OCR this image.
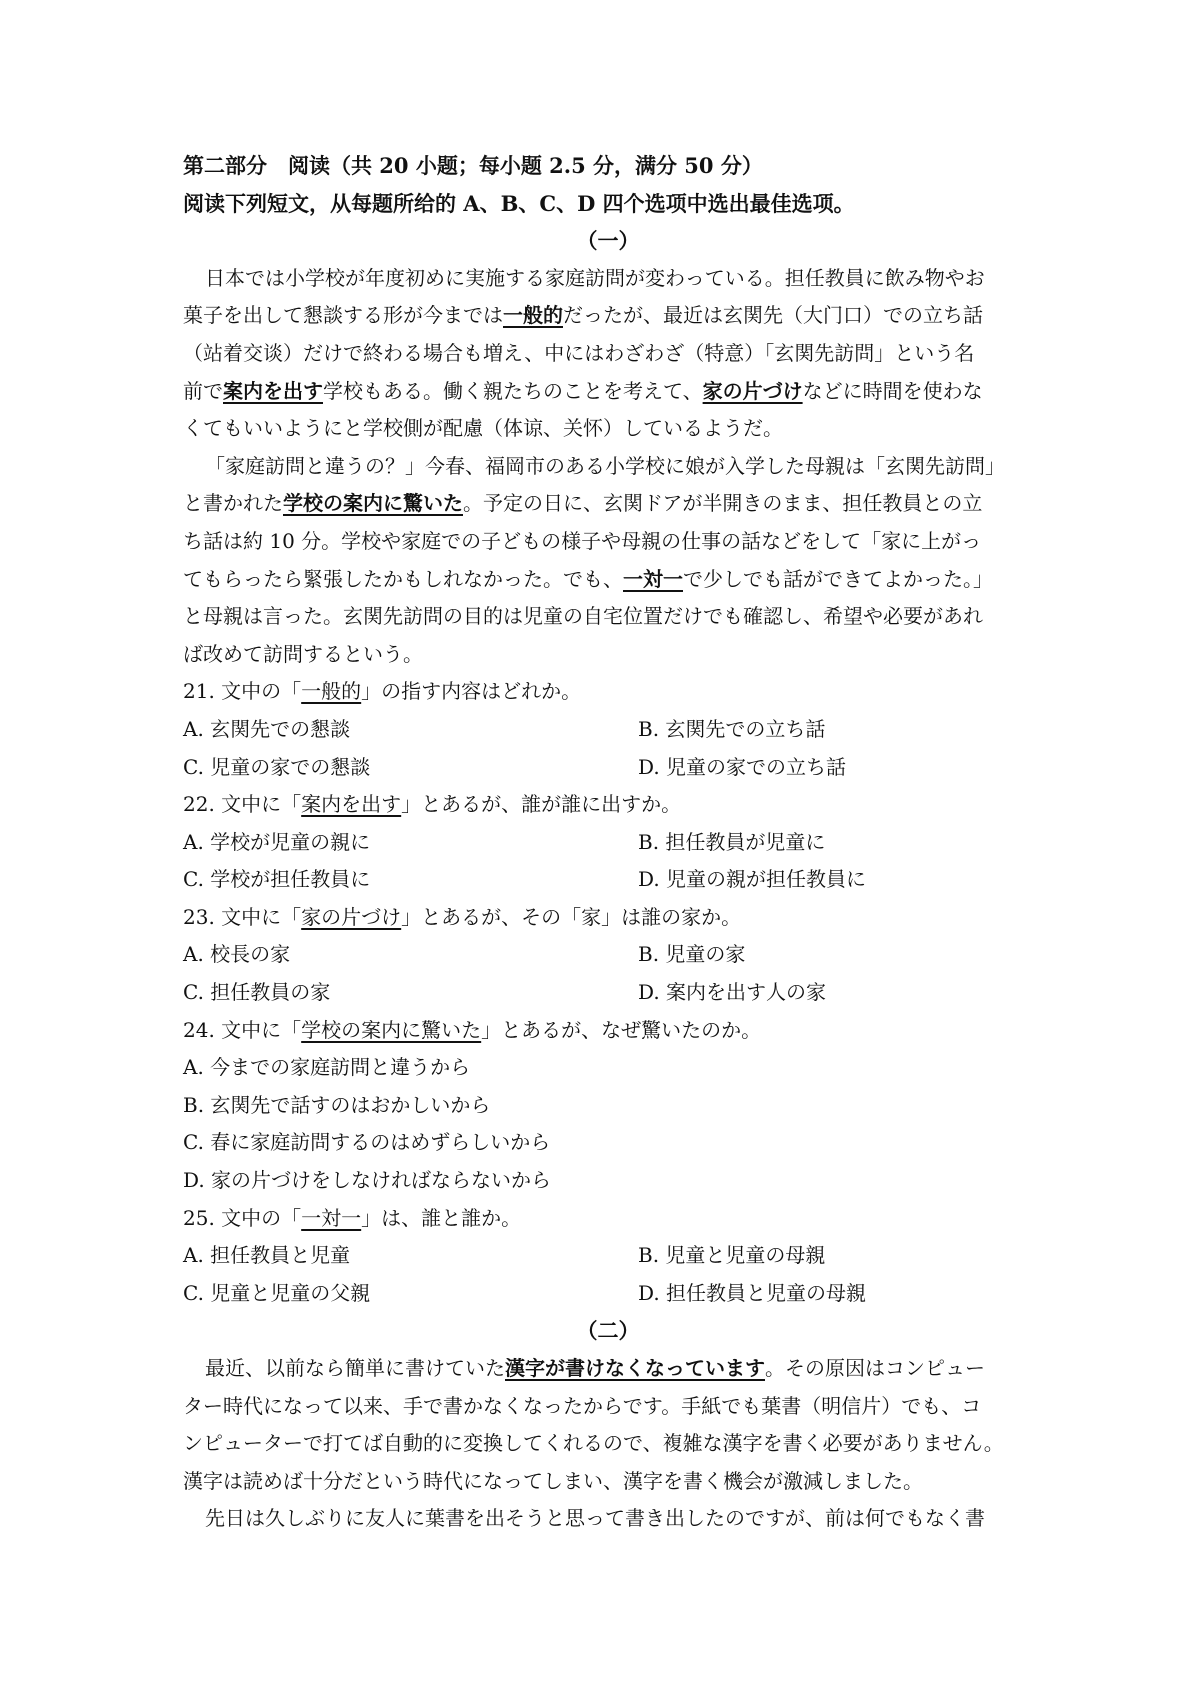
第二部分　阅读（共 20 小题；每小题 2.5 分，满分 50 分）
阅读下列短文，从每题所给的 A、B、C、D 四个选项中选出最佳选项。
（一）
日本では小学校が年度初めに実施する家庭訪問が変わっている。担任教員に飲み物やお
菓子を出して懇談する形が今までは一般的だったが、最近は玄関先（大门口）での立ち話
（站着交谈）だけで終わる場合も増え、中にはわざわざ（特意）「玄関先訪問」という名
前で案内を出す学校もある。働く親たちのことを考えて、家の片づけなどに時間を使わな
くてもいいようにと学校側が配慮（体谅、关怀）しているようだ。
「家庭訪問と違うの？」今春、福岡市のある小学校に娘が入学した母親は「玄関先訪問」
と書かれた学校の案内に驚いた。予定の日に、玄関ドアが半開きのまま、担任教員との立
ち話は約 10 分。学校や家庭での子どもの様子や母親の仕事の話などをして「家に上がっ
てもらったら緊張したかもしれなかった。でも、一対一で少しでも話ができてよかった。」
と母親は言った。玄関先訪問の目的は児童の自宅位置だけでも確認し、希望や必要があれ
ば改めて訪問するという。
21. 文中の「一般的」の指す内容はどれか。
A. 玄関先での懇談	B. 玄関先での立ち話
C. 児童の家での懇談	D. 児童の家での立ち話
22. 文中に「案内を出す」とあるが、誰が誰に出すか。
A. 学校が児童の親に	B. 担任教員が児童に
C. 学校が担任教員に	D. 児童の親が担任教員に
23. 文中に「家の片づけ」とあるが、その「家」は誰の家か。
A. 校長の家	B. 児童の家
C. 担任教員の家	D. 案内を出す人の家
24. 文中に「学校の案内に驚いた」とあるが、なぜ驚いたのか。
A. 今までの家庭訪問と違うから
B. 玄関先で話すのはおかしいから
C. 春に家庭訪問するのはめずらしいから
D. 家の片づけをしなければならないから
25. 文中の「一対一」は、誰と誰か。
A. 担任教員と児童	B. 児童と児童の母親
C. 児童と児童の父親	D. 担任教員と児童の母親
（二）
最近、以前なら簡単に書けていた漢字が書けなくなっています。その原因はコンピュー
ター時代になって以来、手で書かなくなったからです。手紙でも葉書（明信片）でも、コ
ンピューターで打てば自動的に変換してくれるので、複雑な漢字を書く必要がありません。
漢字は読めば十分だという時代になってしまい、漢字を書く機会が激減しました。
先日は久しぶりに友人に葉書を出そうと思って書き出したのですが、前は何でもなく書
